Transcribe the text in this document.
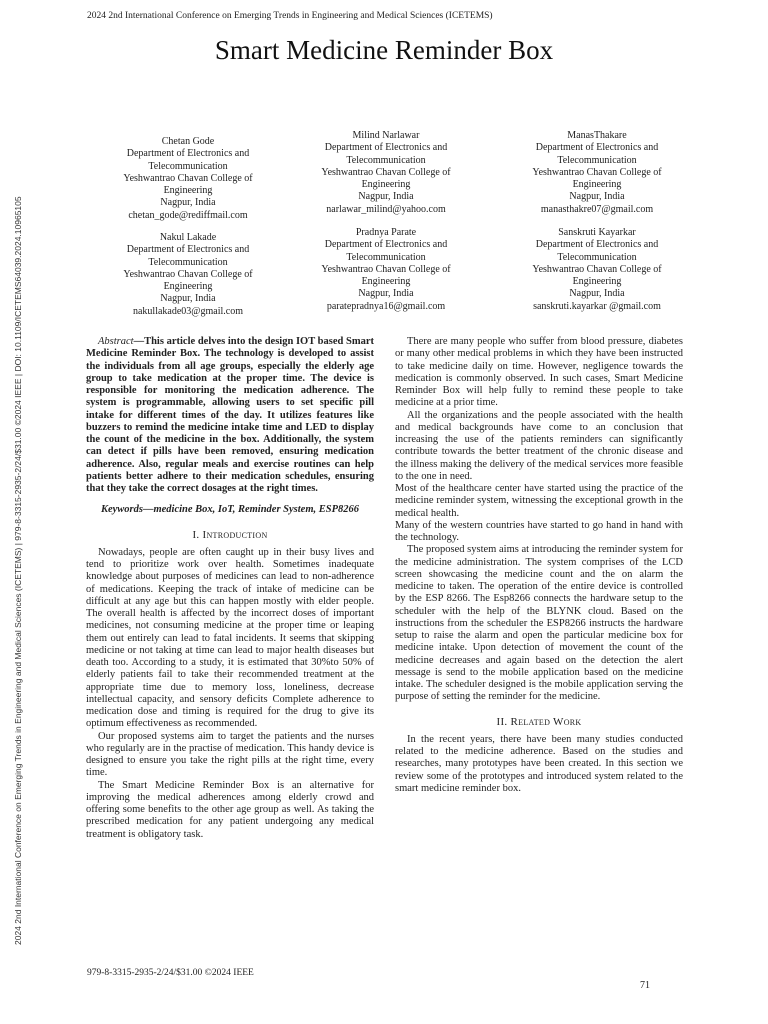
2024 2nd International Conference on Emerging Trends in Engineering and Medical Sciences (ICETEMS)
Smart Medicine Reminder Box
2024 2nd International Conference on Emerging Trends in Engineering and Medical Sciences (ICETEMS) | 979-8-3315-2935-2/24/$31.00 ©2024 IEEE | DOI: 10.1109/ICETEMS64039.2024.10965105
Chetan Gode
Department of Electronics and
Telecommunication
Yeshwantrao Chavan College of
Engineering
Nagpur, India
chetan_gode@rediffmail.com
Milind Narlawar
Department of Electronics and
Telecommunication
Yeshwantrao Chavan College of
Engineering
Nagpur, India
narlawar_milind@yahoo.com
ManasThakare
Department of Electronics and
Telecommunication
Yeshwantrao Chavan College of
Engineering
Nagpur, India
manasthakre07@gmail.com
Nakul Lakade
Department of Electronics and
Telecommunication
Yeshwantrao Chavan College of
Engineering
Nagpur, India
nakullakade03@gmail.com
Pradnya Parate
Department of Electronics and
Telecommunication
Yeshwantrao Chavan College of
Engineering
Nagpur, India
paratepradnya16@gmail.com
Sanskruti Kayarkar
Department of Electronics and
Telecommunication
Yeshwantrao Chavan College of
Engineering
Nagpur, India
sanskruti.kayarkar @gmail.com

Abstract—This article delves into the design IOT based Smart Medicine Reminder Box. The technology is developed to assist the individuals from all age groups, especially the elderly age group to take medication at the proper time. The device is responsible for monitoring the medication adherence. The system is programmable, allowing users to set specific pill intake for different times of the day. It utilizes features like buzzers to remind the medicine intake time and LED to display the count of the medicine in the box. Additionally, the system can detect if pills have been removed, ensuring medication adherence. Also, regular meals and exercise routines can help patients better adhere to their medication schedules, ensuring that they take the correct dosages at the right times.

Keywords—medicine Box, IoT, Reminder System, ESP8266

I. Introduction

Nowadays, people are often caught up in their busy lives and tend to prioritize work over health. Sometimes inadequate knowledge about purposes of medicines can lead to non-adherence of medications. Keeping the track of intake of medicine can be difficult at any age but this can happen mostly with elder people. The overall health is affected by the incorrect doses of important medicines, not consuming medicine at the proper time or leaping them out entirely can lead to fatal incidents. It seems that skipping medicine or not taking at time can lead to major health diseases but death too. According to a study, it is estimated that 30%to 50% of elderly patients fail to take their recommended treatment at the appropriate time due to memory loss, loneliness, decrease intellectual capacity, and sensory deficits Complete adherence to medication dose and timing is required for the drug to give its optimum effectiveness as recommended.

Our proposed systems aim to target the patients and the nurses who regularly are in the practise of medication. This handy device is designed to ensure you take the right pills at the right time, every time.

The Smart Medicine Reminder Box is an alternative for improving the medical adherences among elderly crowd and offering some benefits to the other age group as well. As taking the prescribed medication for any patient undergoing any medical treatment is obligatory task.

There are many people who suffer from blood pressure, diabetes or many other medical problems in which they have been instructed to take medicine daily on time. However, negligence towards the medication is commonly observed. In such cases, Smart Medicine Reminder Box will help fully to remind these people to take medicine at a prior time.

All the organizations and the people associated with the health and medical backgrounds have come to an conclusion that increasing the use of the patients reminders can significantly contribute towards the better treatment of the chronic disease and the illness making the delivery of the medical services more feasible to the one in need.

Most of the healthcare center have started using the practice of the medicine reminder system, witnessing the exceptional growth in the medical health.

Many of the western countries have started to go hand in hand with the technology.

The proposed system aims at introducing the reminder system for the medicine administration. The system comprises of the LCD screen showcasing the medicine count and the on alarm the medicine to taken. The operation of the entire device is controlled by the ESP 8266. The Esp8266 connects the hardware setup to the scheduler with the help of the BLYNK cloud. Based on the instructions from the scheduler the ESP8266 instructs the hardware setup to raise the alarm and open the particular medicine box for medicine intake. Upon detection of movement the count of the medicine decreases and again based on the detection the alert message is send to the mobile application based on the medicine intake. The scheduler designed is the mobile application serving the purpose of setting the reminder for the medicine.

II. Related Work

In the recent years, there have been many studies conducted related to the medicine adherence. Based on the studies and researches, many prototypes have been created. In this section we review some of the prototypes and introduced system related to the smart medicine reminder box.

979-8-3315-2935-2/24/$31.00 ©2024 IEEE
71
